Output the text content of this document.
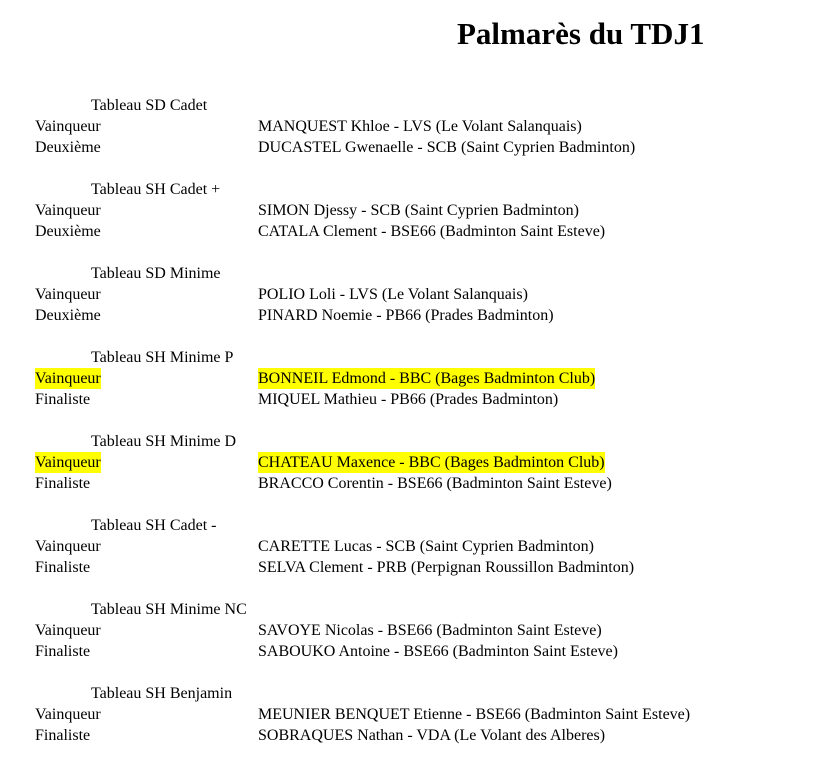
Palmarès du TDJ1
Tableau SD Cadet
Vainqueur	MANQUEST Khloe - LVS (Le Volant Salanquais)
Deuxième	DUCASTEL Gwenaelle - SCB (Saint Cyprien Badminton)
Tableau SH Cadet +
Vainqueur	SIMON Djessy - SCB (Saint Cyprien Badminton)
Deuxième	CATALA Clement - BSE66 (Badminton Saint Esteve)
Tableau SD Minime
Vainqueur	POLIO Loli - LVS (Le Volant Salanquais)
Deuxième	PINARD Noemie - PB66 (Prades Badminton)
Tableau SH Minime P
Vainqueur	BONNEIL Edmond - BBC (Bages Badminton Club)
Finaliste	MIQUEL Mathieu - PB66 (Prades Badminton)
Tableau SH Minime D
Vainqueur	CHATEAU Maxence - BBC (Bages Badminton Club)
Finaliste	BRACCO Corentin - BSE66 (Badminton Saint Esteve)
Tableau SH Cadet -
Vainqueur	CARETTE Lucas - SCB (Saint Cyprien Badminton)
Finaliste	SELVA Clement - PRB (Perpignan Roussillon Badminton)
Tableau SH Minime NC
Vainqueur	SAVOYE Nicolas - BSE66 (Badminton Saint Esteve)
Finaliste	SABOUKO Antoine - BSE66 (Badminton Saint Esteve)
Tableau SH Benjamin
Vainqueur	MEUNIER BENQUET Etienne - BSE66 (Badminton Saint Esteve)
Finaliste	SOBRAQUES Nathan - VDA (Le Volant des Alberes)
